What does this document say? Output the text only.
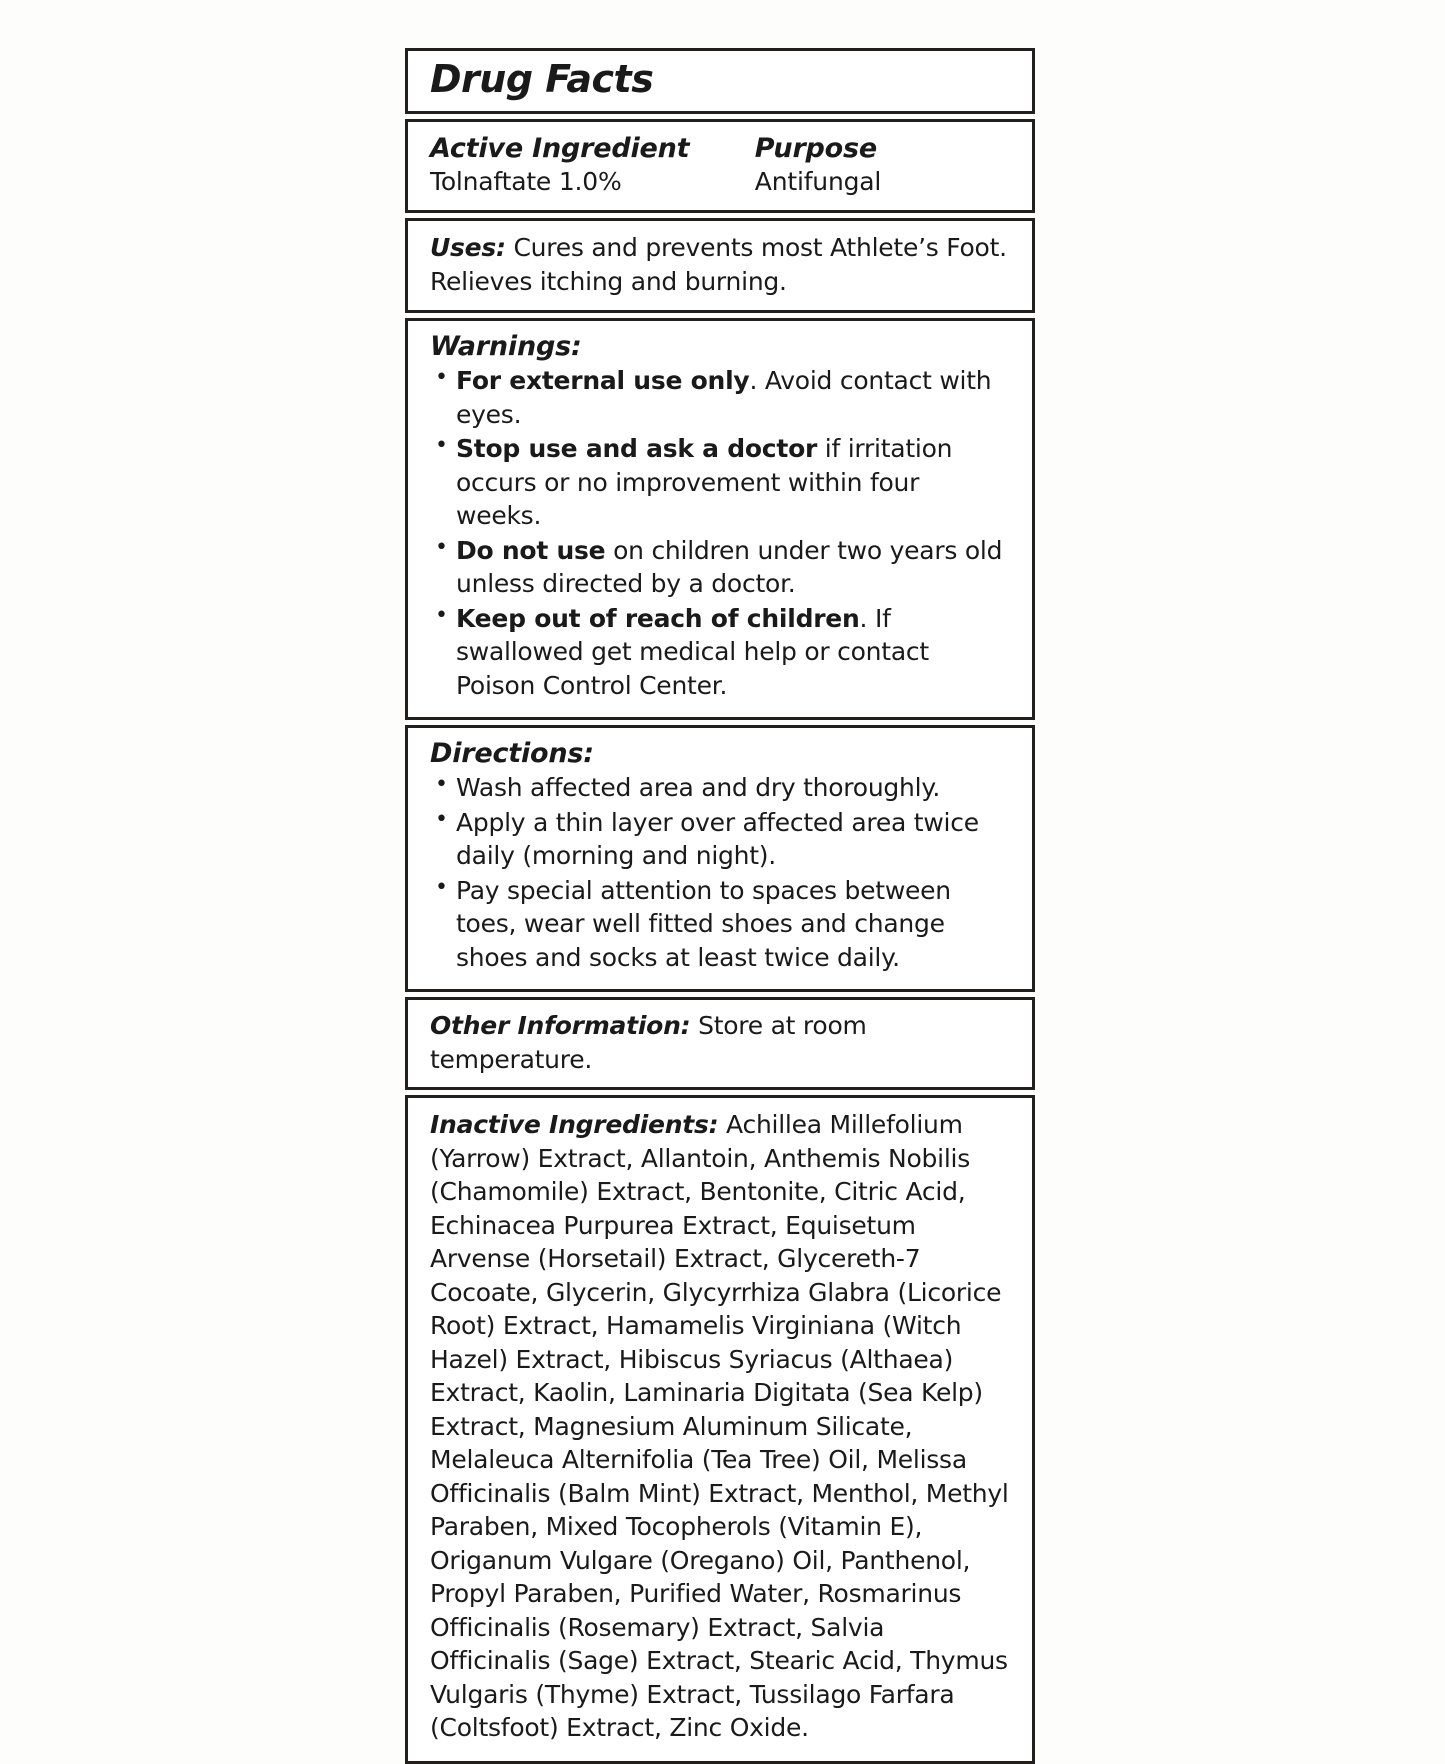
Drug Facts
Active Ingredient	Purpose
Tolnaftate 1.0%	Antifungal
Uses: Cures and prevents most Athlete’s Foot. Relieves itching and burning.
Warnings:
• For external use only. Avoid contact with eyes.
• Stop use and ask a doctor if irritation occurs or no improvement within four weeks.
• Do not use on children under two years old unless directed by a doctor.
• Keep out of reach of children. If swallowed get medical help or contact Poison Control Center.
Directions:
• Wash affected area and dry thoroughly.
• Apply a thin layer over affected area twice daily (morning and night).
• Pay special attention to spaces between toes, wear well fitted shoes and change shoes and socks at least twice daily.
Other Information: Store at room temperature.
Inactive Ingredients: Achillea Millefolium (Yarrow) Extract, Allantoin, Anthemis Nobilis (Chamomile) Extract, Bentonite, Citric Acid, Echinacea Purpurea Extract, Equisetum Arvense (Horsetail) Extract, Glycereth-7 Cocoate, Glycerin, Glycyrrhiza Glabra (Licorice Root) Extract, Hamamelis Virginiana (Witch Hazel) Extract, Hibiscus Syriacus (Althaea) Extract, Kaolin, Laminaria Digitata (Sea Kelp) Extract, Magnesium Aluminum Silicate, Melaleuca Alternifolia (Tea Tree) Oil, Melissa Officinalis (Balm Mint) Extract, Menthol, Methyl Paraben, Mixed Tocopherols (Vitamin E), Origanum Vulgare (Oregano) Oil, Panthenol, Propyl Paraben, Purified Water, Rosmarinus Officinalis (Rosemary) Extract, Salvia Officinalis (Sage) Extract, Stearic Acid, Thymus Vulgaris (Thyme) Extract, Tussilago Farfara (Coltsfoot) Extract, Zinc Oxide.
